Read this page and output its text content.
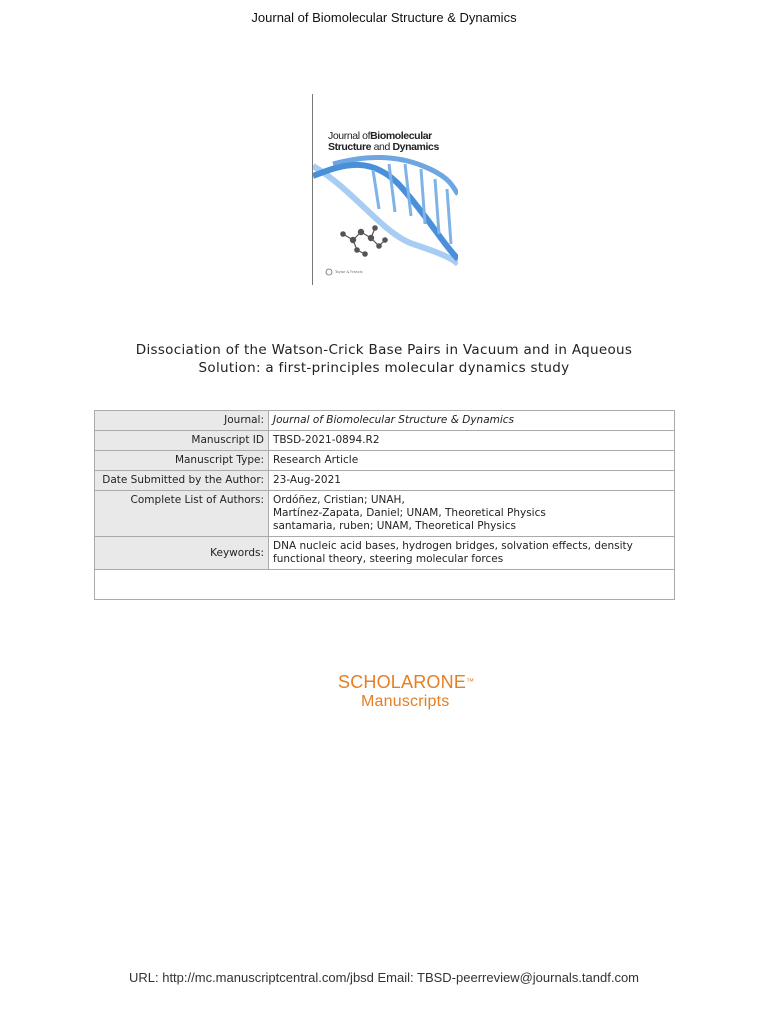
Journal of Biomolecular Structure & Dynamics
Journal ofBiomolecular
Structure and Dynamics
Taylor & Francis
Dissociation of the Watson-Crick Base Pairs in Vacuum and in Aqueous Solution: a first-principles molecular dynamics study
Journal:	Journal of Biomolecular Structure & Dynamics
Manuscript ID	TBSD-2021-0894.R2
Manuscript Type:	Research Article
Date Submitted by the Author:	23-Aug-2021
Complete List of Authors:	Ordóñez, Cristian; UNAH,
Martínez-Zapata, Daniel; UNAM, Theoretical Physics
santamaria, ruben; UNAM, Theoretical Physics

Keywords:	DNA nucleic acid bases, hydrogen bridges, solvation effects, density functional theory, steering molecular forces

SCHOLARONE™
Manuscripts
URL: http://mc.manuscriptcentral.com/jbsd Email: TBSD-peerreview@journals.tandf.com
